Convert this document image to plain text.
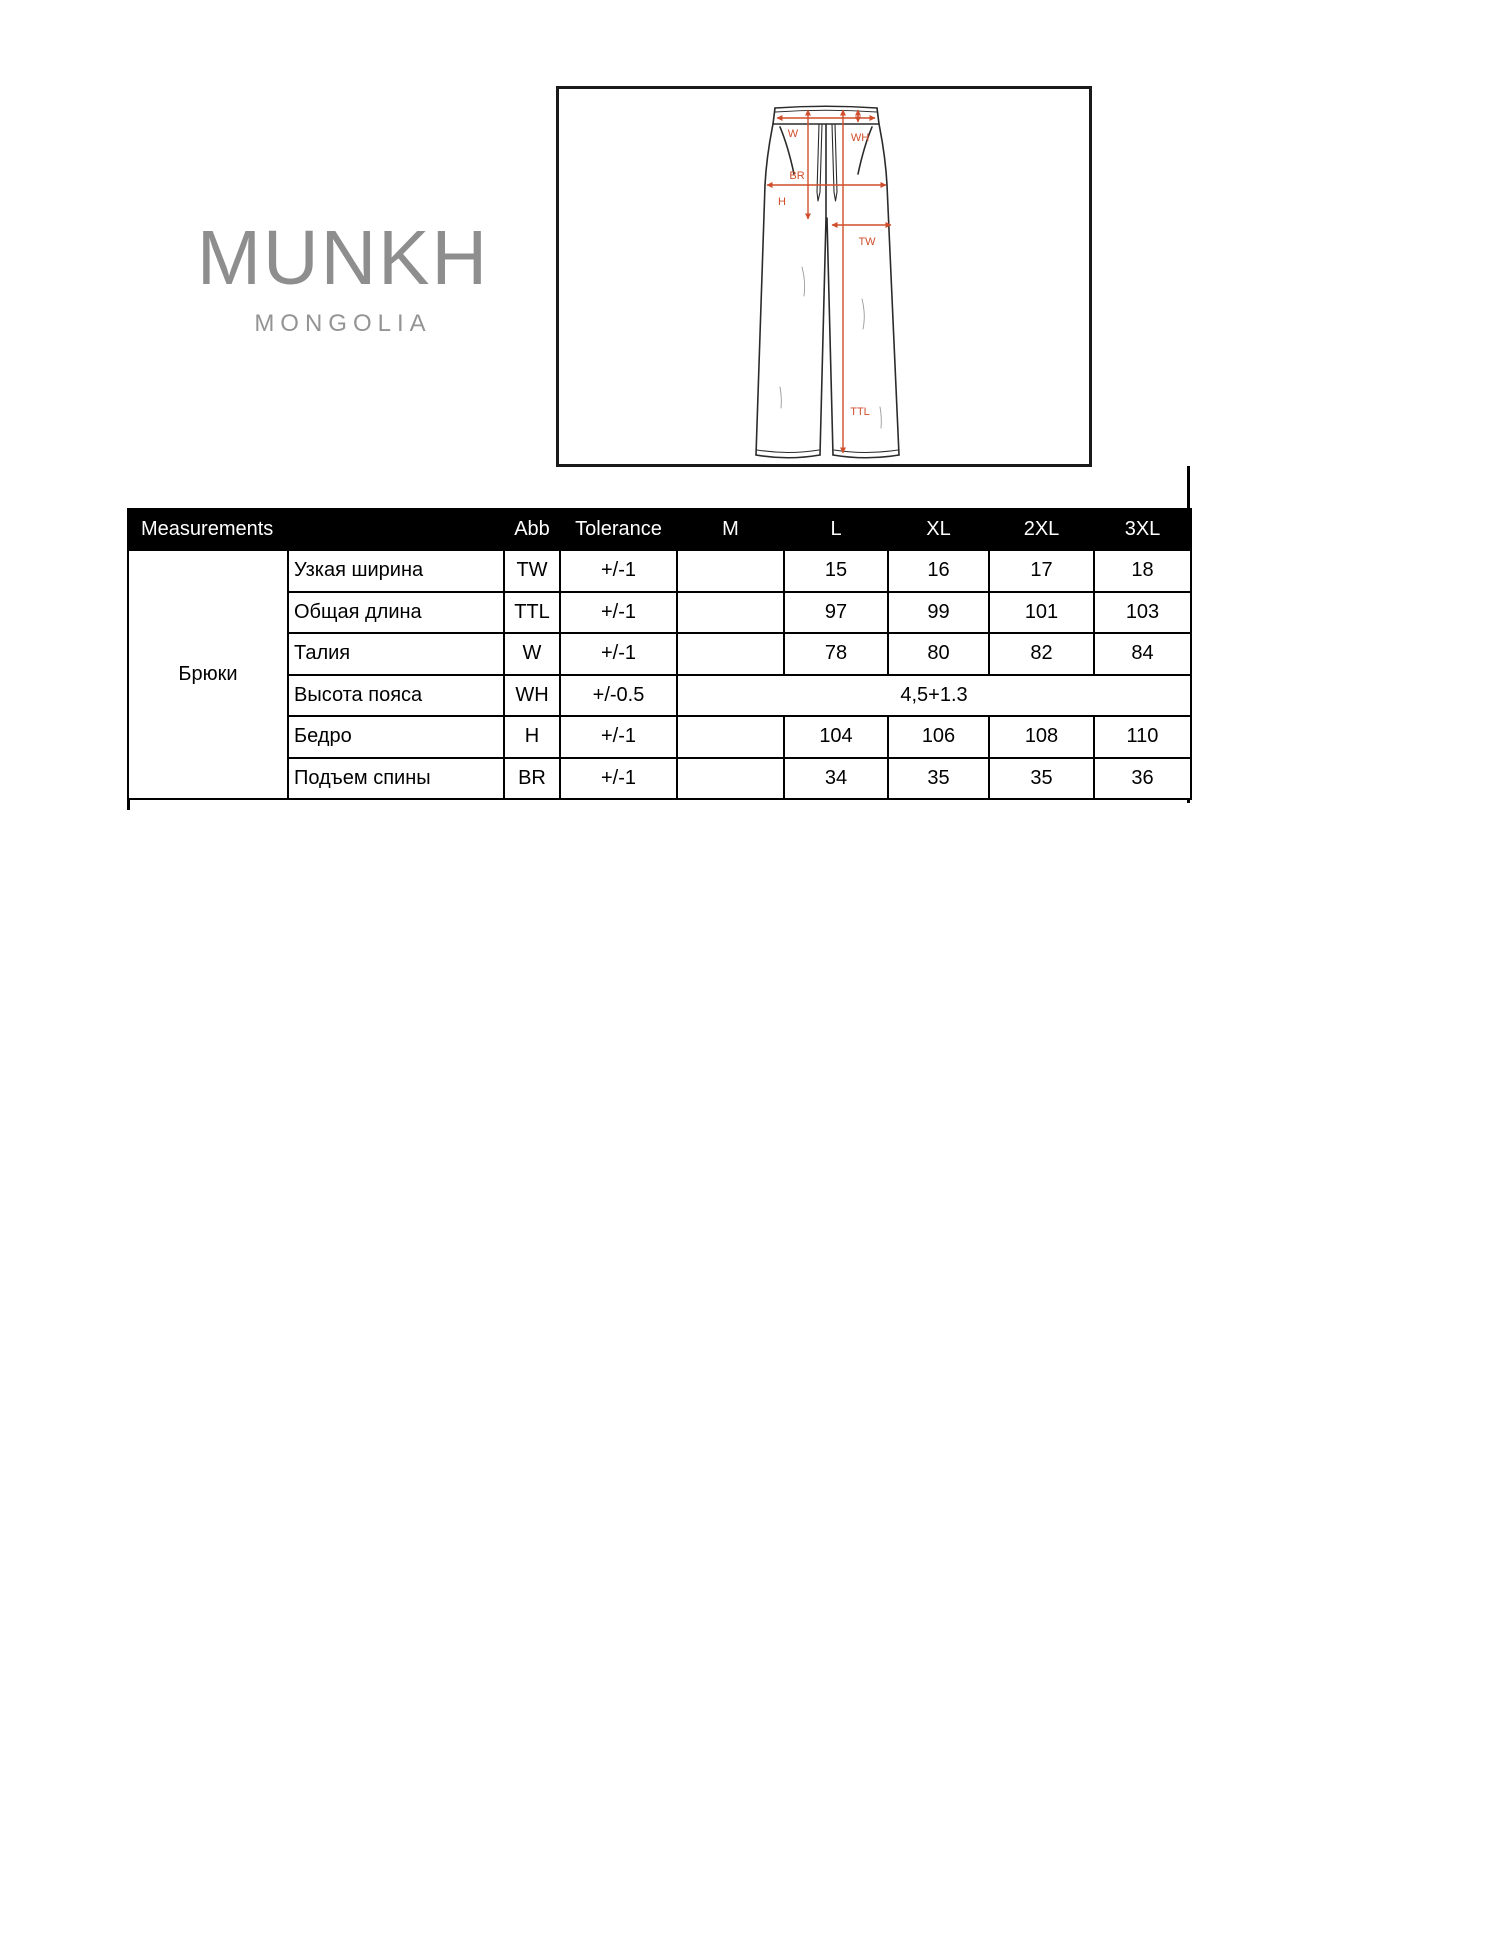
MUNKH
MONGOLIA
W	WH
BR
H
TW
TTL
Measurements		Abb	Tolerance	M	L	XL	2XL	3XL
Брюки	Узкая ширина	TW	+/-1		15	16	17	18
	Общая длина	TTL	+/-1		97	99	101	103
	Талия	W	+/-1		78	80	82	84
	Высота пояса	WH	+/-0.5	4,5+1.3				
	Бедро	H	+/-1		104	106	108	110
	Подъем спины	BR	+/-1		34	35	35	36
